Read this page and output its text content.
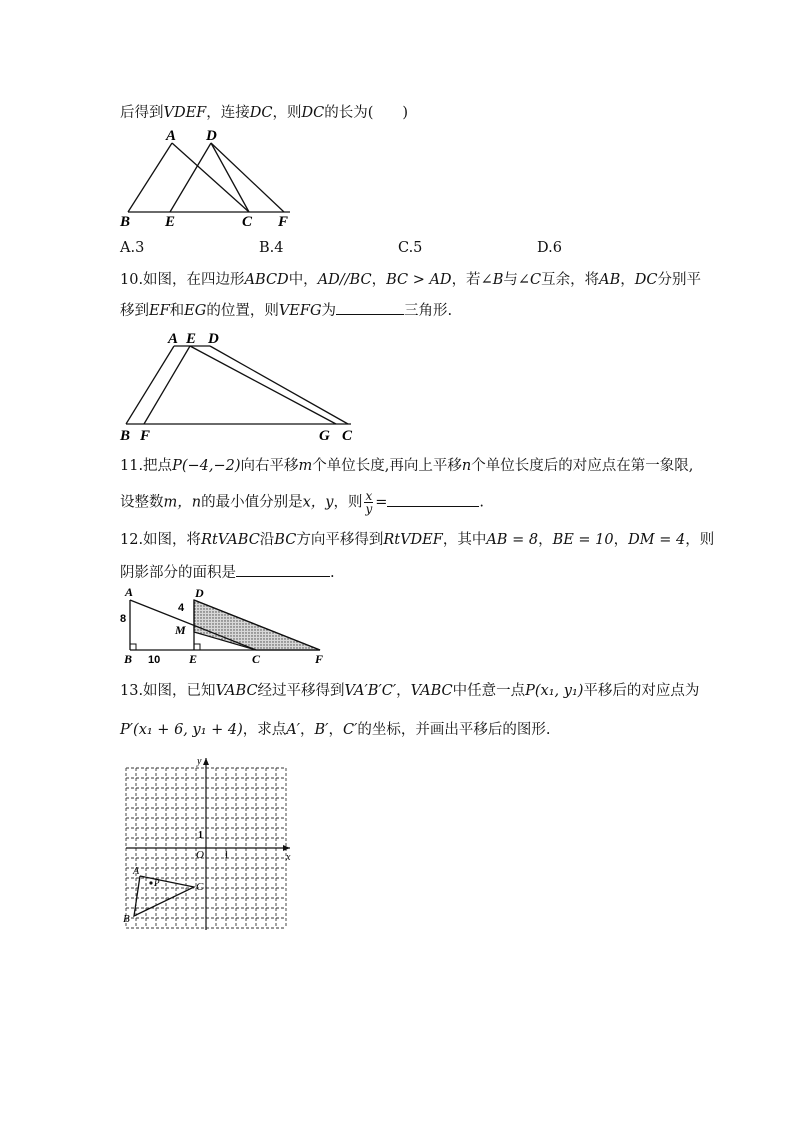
后得到VDEF，连接DC，则DC的长为(　　)
A D
B E	C F
A.3	B.4	C.5	D.6
10.如图，在四边形ABCD中，AD//BC，BC > AD，若∠B与∠C互余，将AB，DC分别平
移到EF和EG的位置，则VEFG为	三角形.
A E D
B F	G C
11.把点P(−4,−2)向右平移m个单位长度,再向上平移n个单位长度后的对应点在第一象限,
设整数m，n的最小值分别是x，y，则 $\frac{x}{y}$ =	.
12.如图，将RtVABC沿BC方向平移得到RtVDEF，其中AB = 8，BE = 10，DM = 4，则
阴影部分的面积是	.
A	D
M
B	E	C	F
8
4
10
13.如图，已知VABC经过平移得到VA′B′C′，VABC中任意一点P(x₁, y₁)平移后的对应点为
P′(x₁ + 6, y₁ + 4)，求点A′，B′，C′的坐标，并画出平移后的图形.
y
x
O 1
1
A
B
C
P
